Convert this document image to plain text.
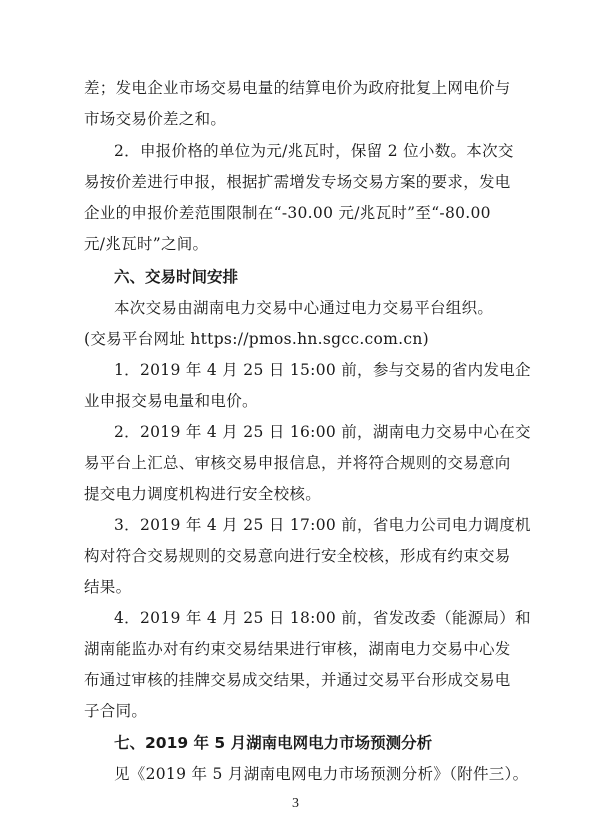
差；发电企业市场交易电量的结算电价为政府批复上网电价与
市场交易价差之和。
2．申报价格的单位为元/兆瓦时，保留 2 位小数。本次交
易按价差进行申报，根据扩需增发专场交易方案的要求，发电
企业的申报价差范围限制在“-30.00 元/兆瓦时”至“-80.00
元/兆瓦时”之间。
六、交易时间安排
本次交易由湖南电力交易中心通过电力交易平台组织。
(交易平台网址 https://pmos.hn.sgcc.com.cn)
1．2019 年 4 月 25 日 15:00 前，参与交易的省内发电企
业申报交易电量和电价。
2．2019 年 4 月 25 日 16:00 前，湖南电力交易中心在交
易平台上汇总、审核交易申报信息，并将符合规则的交易意向
提交电力调度机构进行安全校核。
3．2019 年 4 月 25 日 17:00 前，省电力公司电力调度机
构对符合交易规则的交易意向进行安全校核，形成有约束交易
结果。
4．2019 年 4 月 25 日 18:00 前，省发改委（能源局）和
湖南能监办对有约束交易结果进行审核，湖南电力交易中心发
布通过审核的挂牌交易成交结果，并通过交易平台形成交易电
子合同。
七、2019 年 5 月湖南电网电力市场预测分析
见《2019 年 5 月湖南电网电力市场预测分析》（附件三）。
3
